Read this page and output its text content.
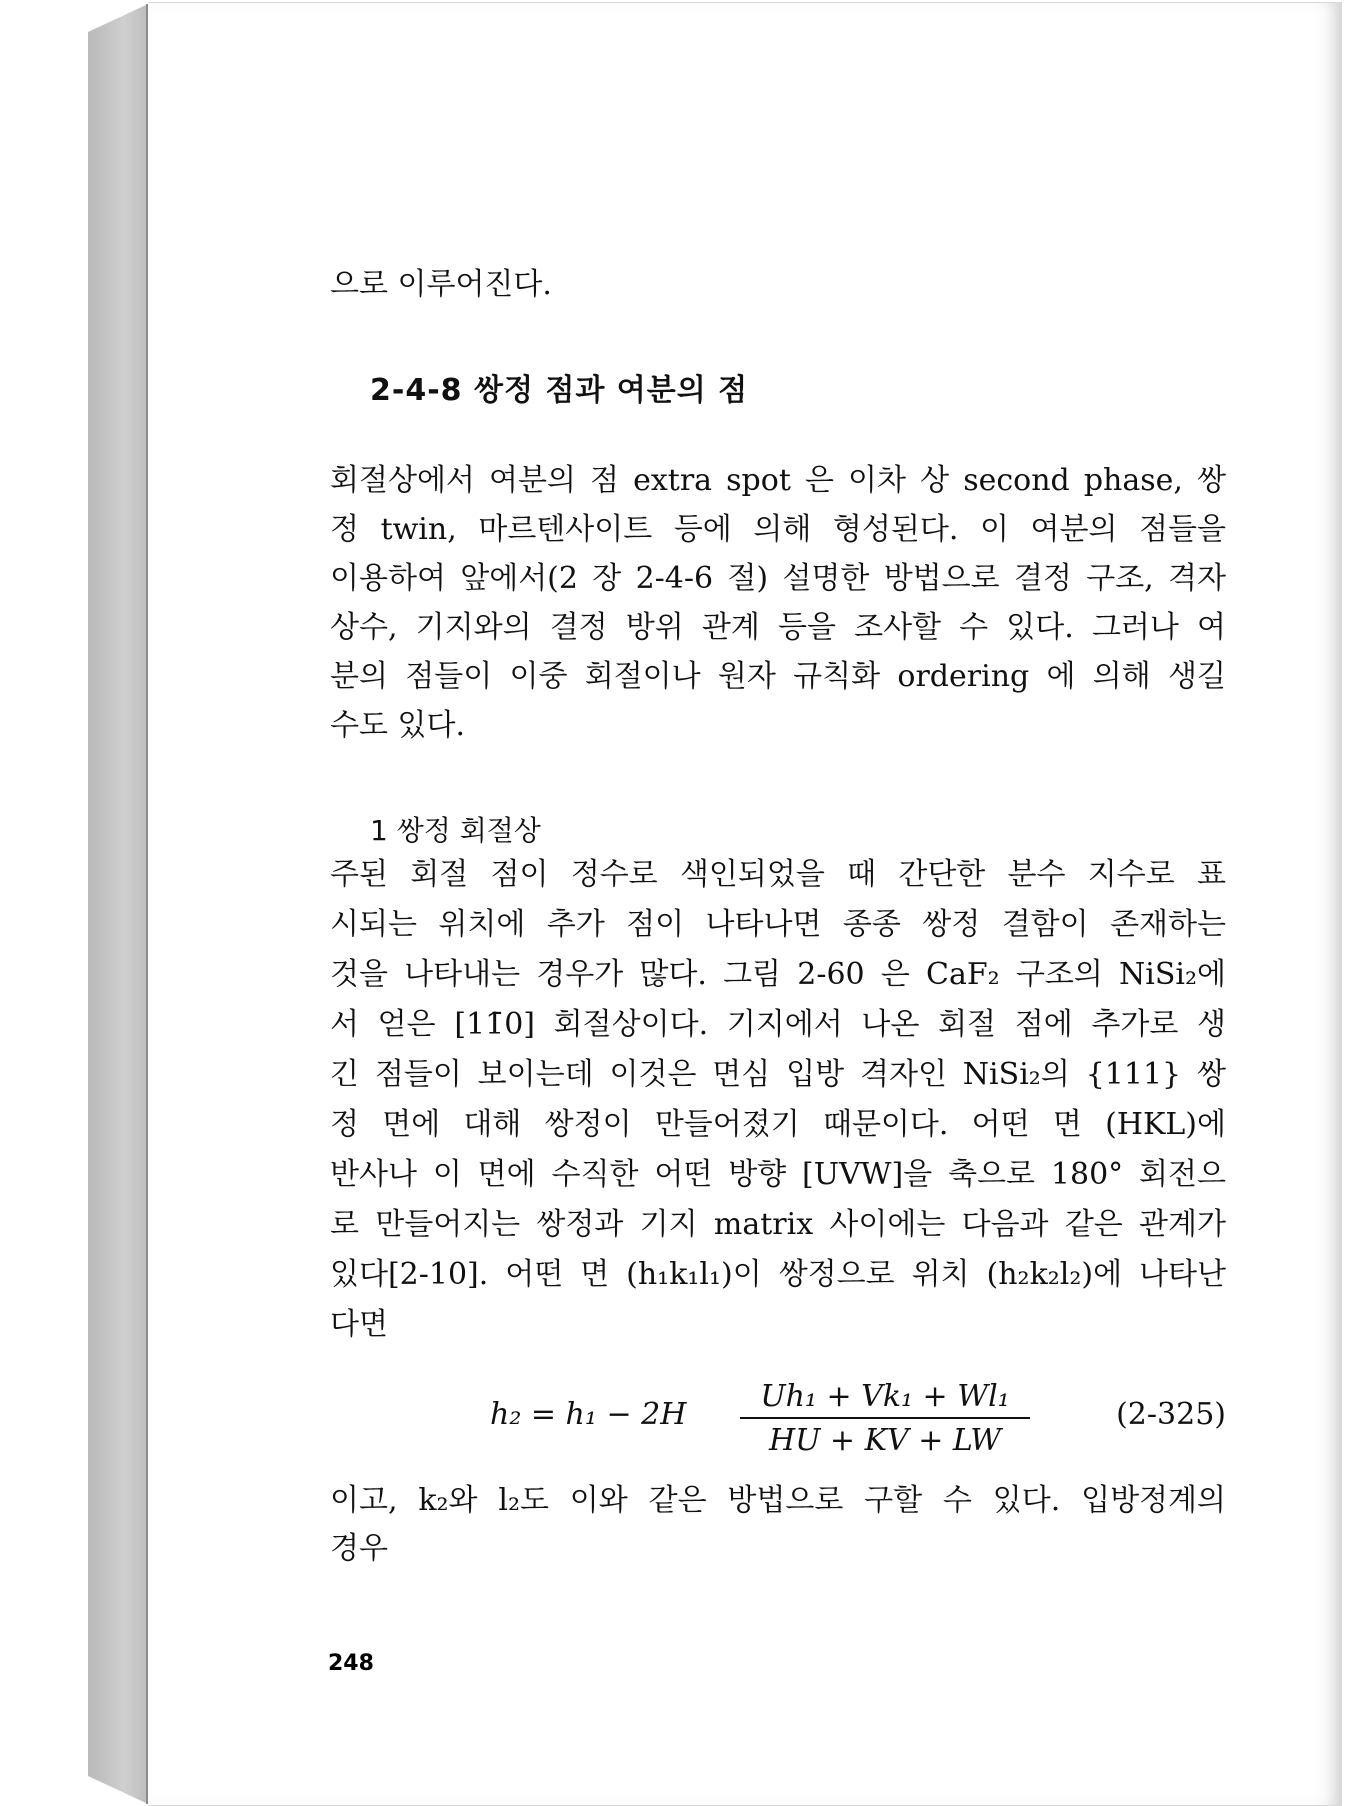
으로 이루어진다.
2-4-8 쌍정 점과 여분의 점
회절상에서 여분의 점 extra spot 은 이차 상 second phase, 쌍
정 twin, 마르텐사이트 등에 의해 형성된다. 이 여분의 점들을
이용하여 앞에서(2 장 2-4-6 절) 설명한 방법으로 결정 구조, 격자
상수, 기지와의 결정 방위 관계 등을 조사할 수 있다. 그러나 여
분의 점들이 이중 회절이나 원자 규칙화 ordering 에 의해 생길
수도 있다.
1 쌍정 회절상
주된 회절 점이 정수로 색인되었을 때 간단한 분수 지수로 표
시되는 위치에 추가 점이 나타나면 종종 쌍정 결함이 존재하는
것을 나타내는 경우가 많다. 그림 2-60 은 CaF₂ 구조의 NiSi₂에
서 얻은 [11̄0] 회절상이다. 기지에서 나온 회절 점에 추가로 생
긴 점들이 보이는데 이것은 면심 입방 격자인 NiSi₂의 {111} 쌍
정 면에 대해 쌍정이 만들어졌기 때문이다. 어떤 면 (HKL)에
반사나 이 면에 수직한 어떤 방향 [UVW]을 축으로 180° 회전으
로 만들어지는 쌍정과 기지 matrix 사이에는 다음과 같은 관계가
있다[2-10]. 어떤 면 (h₁k₁l₁)이 쌍정으로 위치 (h₂k₂l₂)에 나타난
다면
h₂ = h₁ − 2H
Uh₁ + Vk₁ + Wl₁
HU + KV + LW
(2-325)
이고, k₂와 l₂도 이와 같은 방법으로 구할 수 있다. 입방정계의
경우
248
